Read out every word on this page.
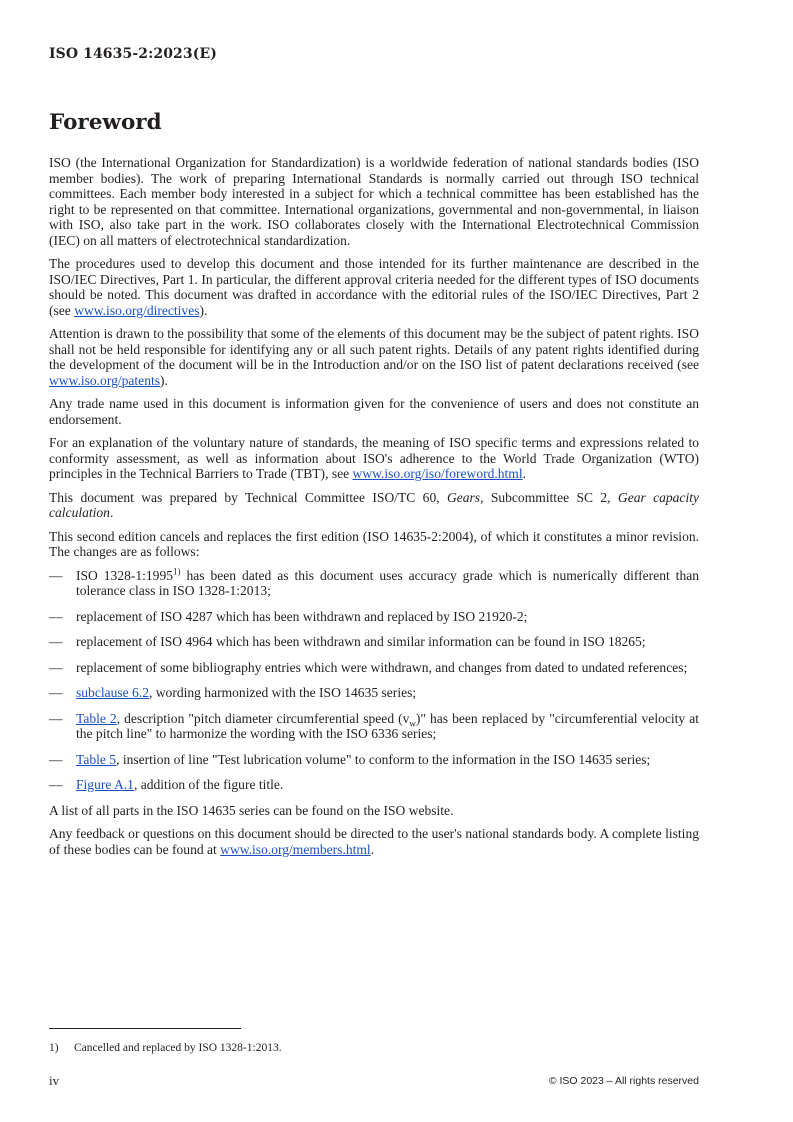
ISO 14635-2:2023(E)
Foreword

ISO (the International Organization for Standardization) is a worldwide federation of national standards bodies (ISO member bodies). The work of preparing International Standards is normally carried out through ISO technical committees. Each member body interested in a subject for which a technical committee has been established has the right to be represented on that committee. International organizations, governmental and non-governmental, in liaison with ISO, also take part in the work. ISO collaborates closely with the International Electrotechnical Commission (IEC) on all matters of electrotechnical standardization.

The procedures used to develop this document and those intended for its further maintenance are described in the ISO/IEC Directives, Part 1. In particular, the different approval criteria needed for the different types of ISO documents should be noted. This document was drafted in accordance with the editorial rules of the ISO/IEC Directives, Part 2 (see www.iso.org/directives).

Attention is drawn to the possibility that some of the elements of this document may be the subject of patent rights. ISO shall not be held responsible for identifying any or all such patent rights. Details of any patent rights identified during the development of the document will be in the Introduction and/or on the ISO list of patent declarations received (see www.iso.org/patents).

Any trade name used in this document is information given for the convenience of users and does not constitute an endorsement.

For an explanation of the voluntary nature of standards, the meaning of ISO specific terms and expressions related to conformity assessment, as well as information about ISO's adherence to the World Trade Organization (WTO) principles in the Technical Barriers to Trade (TBT), see www.iso.org/iso/foreword.html.

This document was prepared by Technical Committee ISO/TC 60, Gears, Subcommittee SC 2, Gear capacity calculation.

This second edition cancels and replaces the first edition (ISO 14635-2:2004), of which it constitutes a minor revision. The changes are as follows:

— ISO 1328-1:1995$^{1)}$ has been dated as this document uses accuracy grade which is numerically different than tolerance class in ISO 1328-1:2013;
— replacement of ISO 4287 which has been withdrawn and replaced by ISO 21920-2;
— replacement of ISO 4964 which has been withdrawn and similar information can be found in ISO 18265;
— replacement of some bibliography entries which were withdrawn, and changes from dated to undated references;
— subclause 6.2, wording harmonized with the ISO 14635 series;
— Table 2, description "pitch diameter circumferential speed $(v_w)$" has been replaced by "circumferential velocity at the pitch line" to harmonize the wording with the ISO 6336 series;
— Table 5, insertion of line "Test lubrication volume" to conform to the information in the ISO 14635 series;
— Figure A.1, addition of the figure title.

A list of all parts in the ISO 14635 series can be found on the ISO website.

Any feedback or questions on this document should be directed to the user's national standards body. A complete listing of these bodies can be found at www.iso.org/members.html.

1) Cancelled and replaced by ISO 1328-1:2013.
iv	© ISO 2023 – All rights reserved
